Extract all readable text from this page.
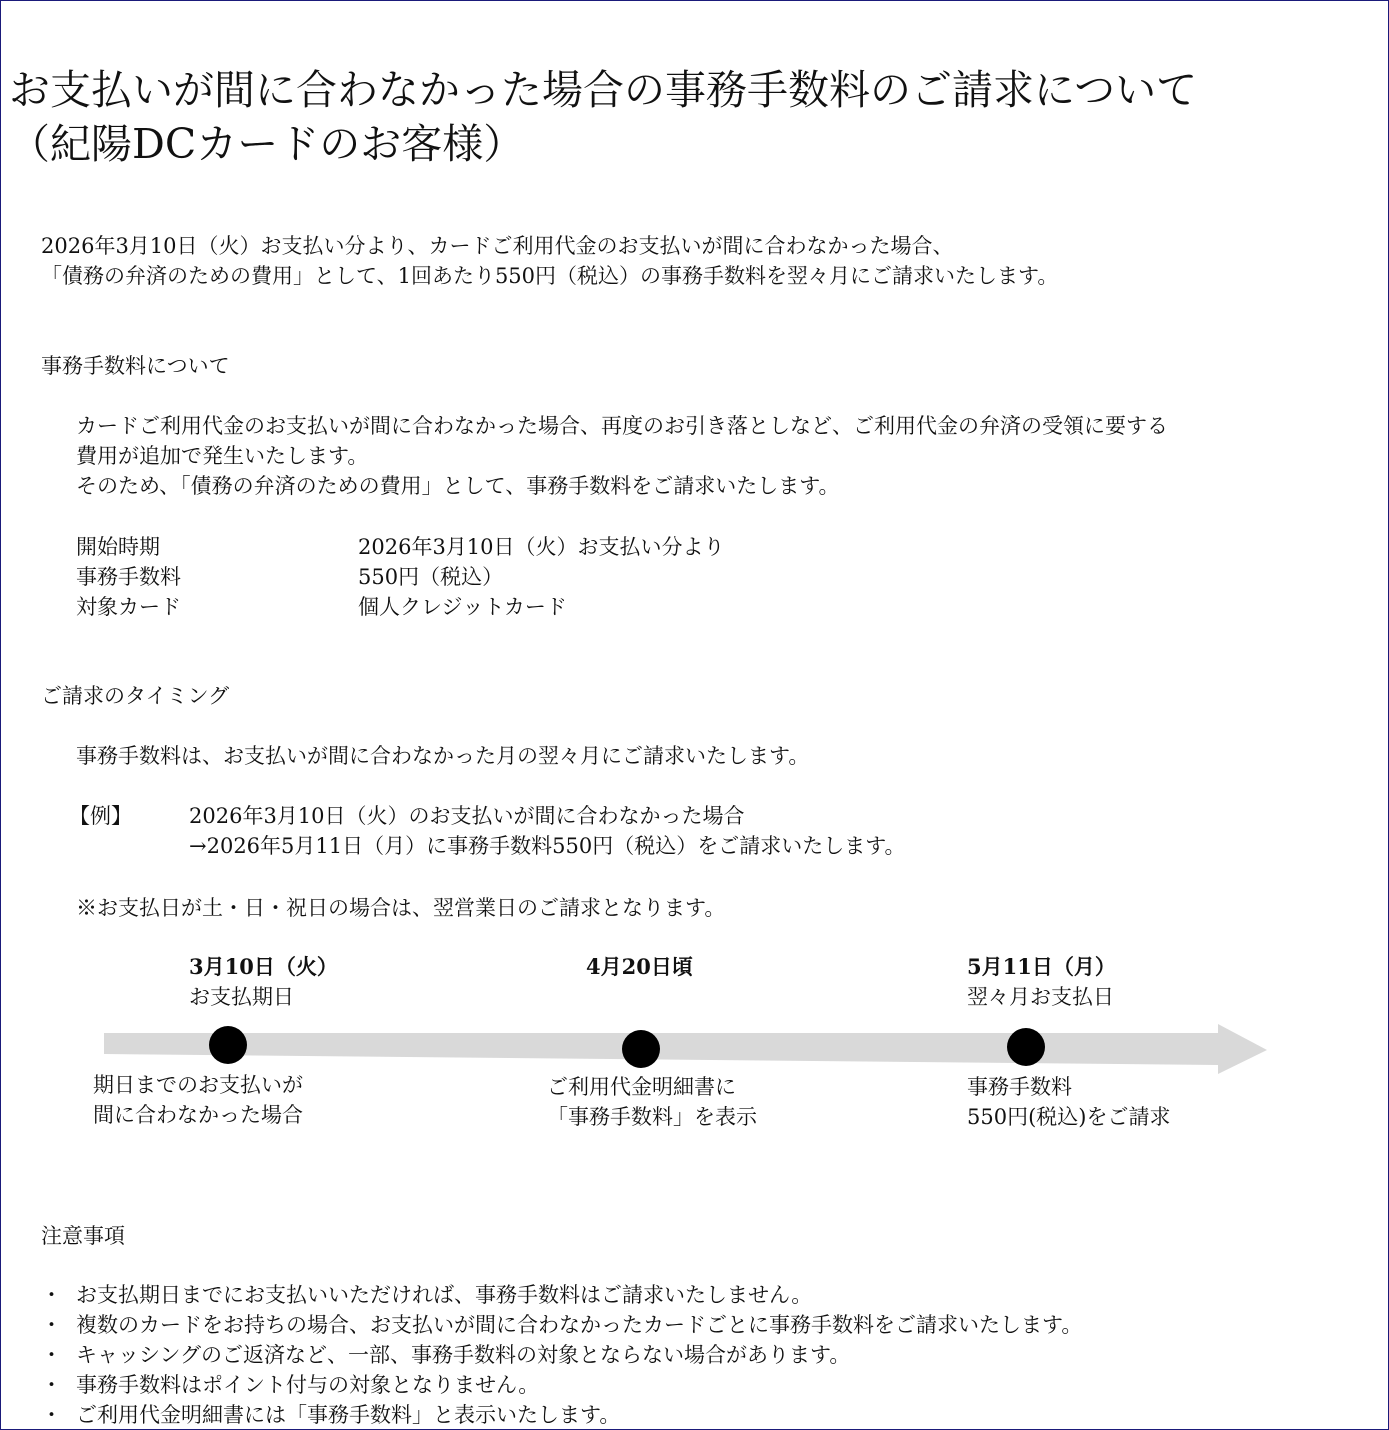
お支払いが間に合わなかった場合の事務手数料のご請求について
（紀陽DCカードのお客様）
2026年3月10日（火）お支払い分より、カードご利用代金のお支払いが間に合わなかった場合、
「債務の弁済のための費用」として、1回あたり550円（税込）の事務手数料を翌々月にご請求いたします。
事務手数料について
カードご利用代金のお支払いが間に合わなかった場合、再度のお引き落としなど、ご利用代金の弁済の受領に要する
費用が追加で発生いたします。
そのため、「債務の弁済のための費用」として、事務手数料をご請求いたします。
開始時期
事務手数料
対象カード
2026年3月10日（火）お支払い分より
550円（税込）
個人クレジットカード
ご請求のタイミング
事務手数料は、お支払いが間に合わなかった月の翌々月にご請求いたします。
【例】	2026年3月10日（火）のお支払いが間に合わなかった場合
→2026年5月11日（月）に事務手数料550円（税込）をご請求いたします。
※お支払日が土・日・祝日の場合は、翌営業日のご請求となります。
3月10日（火）
お支払期日
4月20日頃	5月11日（月）
翌々月お支払日
期日までのお支払いが
間に合わなかった場合
ご利用代金明細書に
「事務手数料」を表示
事務手数料
550円(税込)をご請求
注意事項
・ お支払期日までにお支払いいただければ、事務手数料はご請求いたしません。
・ 複数のカードをお持ちの場合、お支払いが間に合わなかったカードごとに事務手数料をご請求いたします。
・ キャッシングのご返済など、一部、事務手数料の対象とならない場合があります。
・ 事務手数料はポイント付与の対象となりません。
・ ご利用代金明細書には「事務手数料」と表示いたします。
